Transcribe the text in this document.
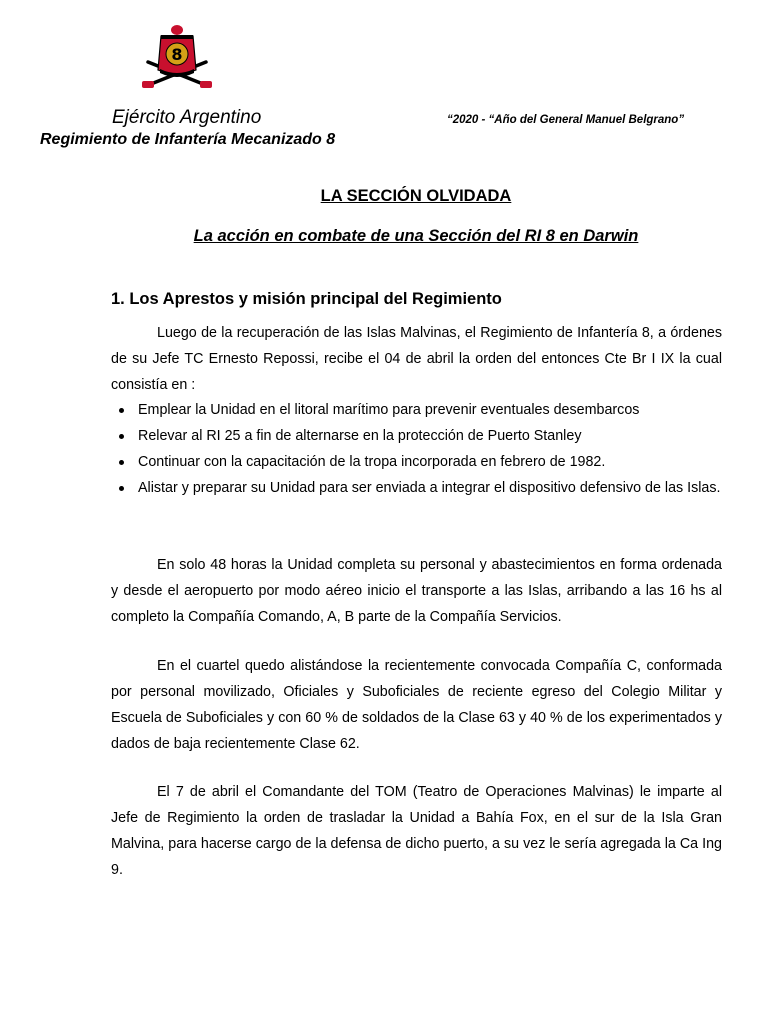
8
Ejército Argentino	“2020 - “Año del General Manuel Belgrano”
Regimiento de Infantería Mecanizado 8
LA SECCIÓN OLVIDADA
La acción en combate de una Sección del RI 8 en Darwin
1. Los Aprestos y misión principal del Regimiento

Luego de la recuperación de las Islas Malvinas, el Regimiento de Infantería 8, a órdenes de su Jefe TC Ernesto Repossi, recibe el 04 de abril la orden del entonces Cte Br I IX la cual consistía en :

Emplear la Unidad en el litoral marítimo para prevenir eventuales desembarcos
Relevar al RI 25 a fin de alternarse en la protección de Puerto Stanley
Continuar con la capacitación de la tropa incorporada en febrero de 1982.
Alistar y preparar su Unidad para ser enviada a integrar el dispositivo defensivo de las Islas.

En solo 48 horas la Unidad completa su personal y abastecimientos en forma ordenada y desde el aeropuerto por modo aéreo inicio el transporte a las Islas, arribando a las 16 hs al completo la Compañía Comando, A, B parte de la Compañía Servicios.

En el cuartel quedo alistándose la recientemente convocada Compañía C, conformada por personal movilizado, Oficiales y Suboficiales de reciente egreso del Colegio Militar y Escuela de Suboficiales y con 60 % de soldados de la Clase 63 y 40 % de los experimentados y dados de baja recientemente Clase 62.

El 7 de abril el Comandante del TOM (Teatro de Operaciones Malvinas) le imparte al Jefe de Regimiento la orden de trasladar la Unidad a Bahía Fox, en el sur de la Isla Gran Malvina, para hacerse cargo de la defensa de dicho puerto, a su vez le sería agregada la Ca Ing 9.
